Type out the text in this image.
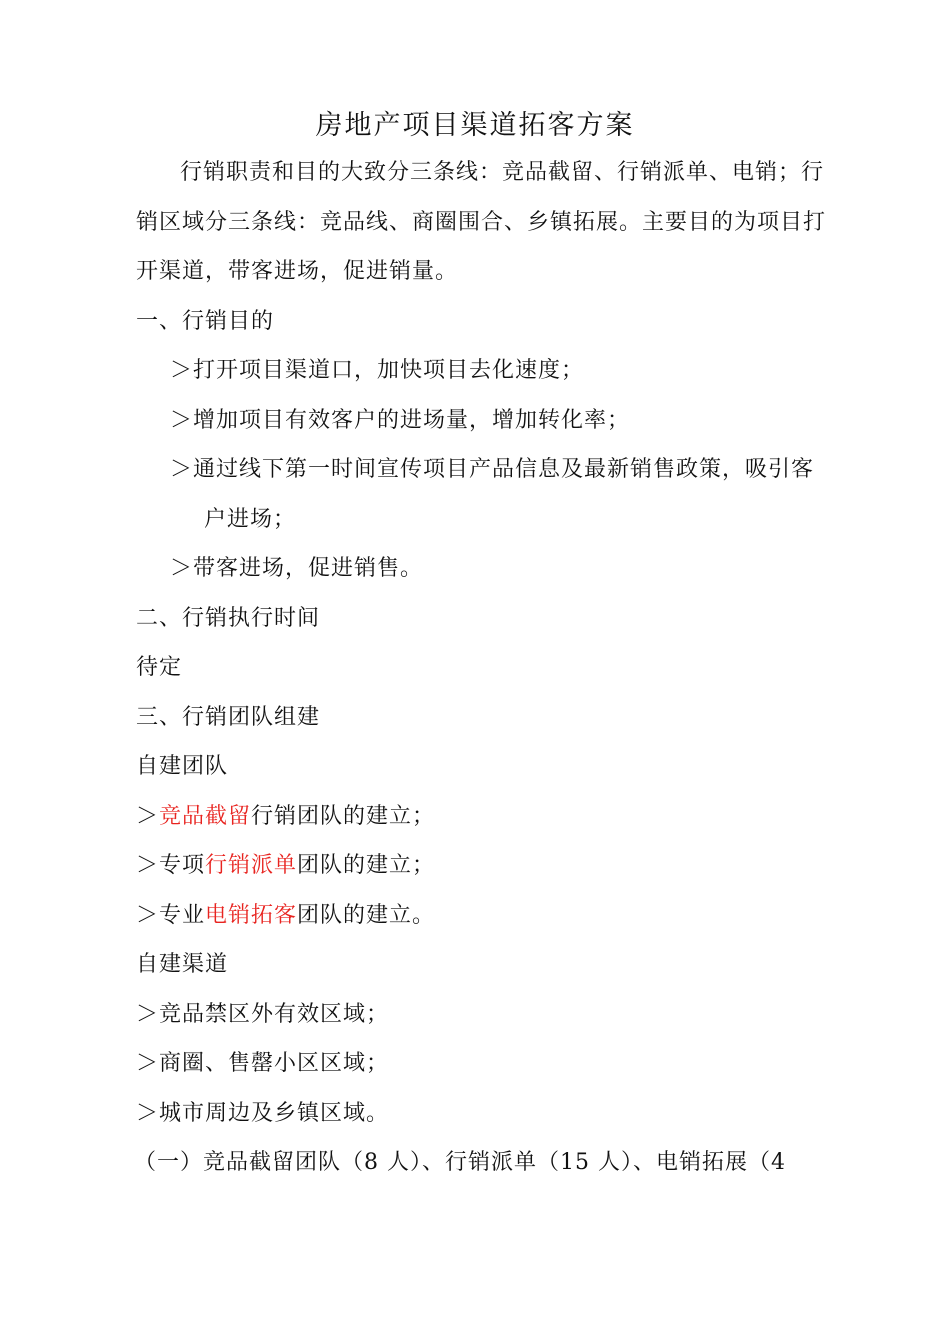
房地产项目渠道拓客方案
行销职责和目的大致分三条线：竞品截留、行销派单、电销；行
销区域分三条线：竞品线、商圈围合、乡镇拓展。主要目的为项目打
开渠道，带客进场，促进销量。
一、行销目的
＞打开项目渠道口，加快项目去化速度；
＞增加项目有效客户的进场量，增加转化率；
＞通过线下第一时间宣传项目产品信息及最新销售政策，吸引客
户进场；
＞带客进场，促进销售。
二、行销执行时间
待定
三、行销团队组建
自建团队
＞竞品截留行销团队的建立；
＞专项行销派单团队的建立；
＞专业电销拓客团队的建立。
自建渠道
＞竞品禁区外有效区域；
＞商圈、售罄小区区域；
＞城市周边及乡镇区域。
（一）竞品截留团队（8 人）、行销派单（15 人）、电销拓展（4
